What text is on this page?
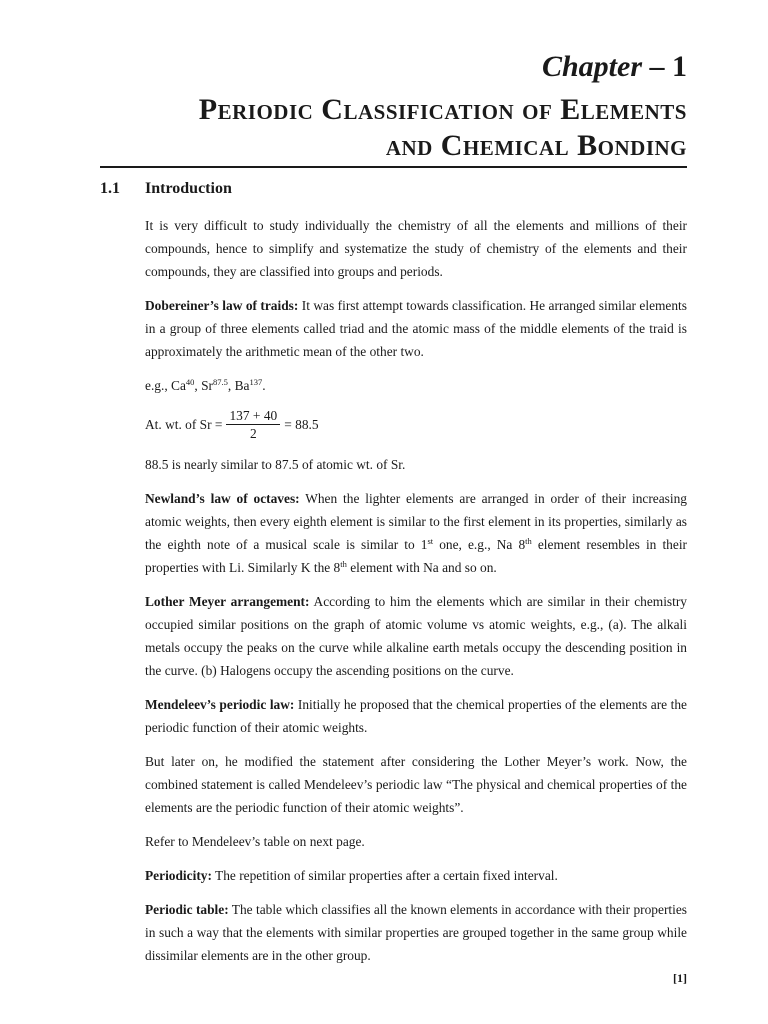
Chapter – 1
Periodic Classification of Elements
and Chemical Bonding
1.1 Introduction

It is very difficult to study individually the chemistry of all the elements and millions of their compounds, hence to simplify and systematize the study of chemistry of the elements and their compounds, they are classified into groups and periods.

Dobereiner’s law of traids: It was first attempt towards classification. He arranged similar elements in a group of three elements called triad and the atomic mass of the middle elements of the traid is approximately the arithmetic mean of the other two.

e.g., Ca$^{40}$, $Sr^{87.5}$, Ba$^{137}$.

At. wt. of $Sr = \frac{137 + 40}{2} = 88.5$

88.5 is nearly similar to 87.5 of atomic wt. of Sr.

Newland’s law of octaves: When the lighter elements are arranged in order of their increasing atomic weights, then every eighth element is similar to the first element in its properties, similarly as the eighth note of a musical scale is similar to 1st one, e.g., Na 8th element resembles in their properties with Li. Similarly K the 8th element with Na and so on.

Lother Meyer arrangement: According to him the elements which are similar in their chemistry occupied similar positions on the graph of atomic volume vs atomic weights, e.g., (a). The alkali metals occupy the peaks on the curve while alkaline earth metals occupy the descending position in the curve. (b) Halogens occupy the ascending positions on the curve.

Mendeleev’s periodic law: Initially he proposed that the chemical properties of the elements are the periodic function of their atomic weights.

But later on, he modified the statement after considering the Lother Meyer’s work. Now, the combined statement is called Mendeleev’s periodic law “The physical and chemical properties of the elements are the periodic function of their atomic weights”.

Refer to Mendeleev’s table on next page.

Periodicity: The repetition of similar properties after a certain fixed interval.

Periodic table: The table which classifies all the known elements in accordance with their properties in such a way that the elements with similar properties are grouped together in the same group while dissimilar elements are in the other group.

[1]
